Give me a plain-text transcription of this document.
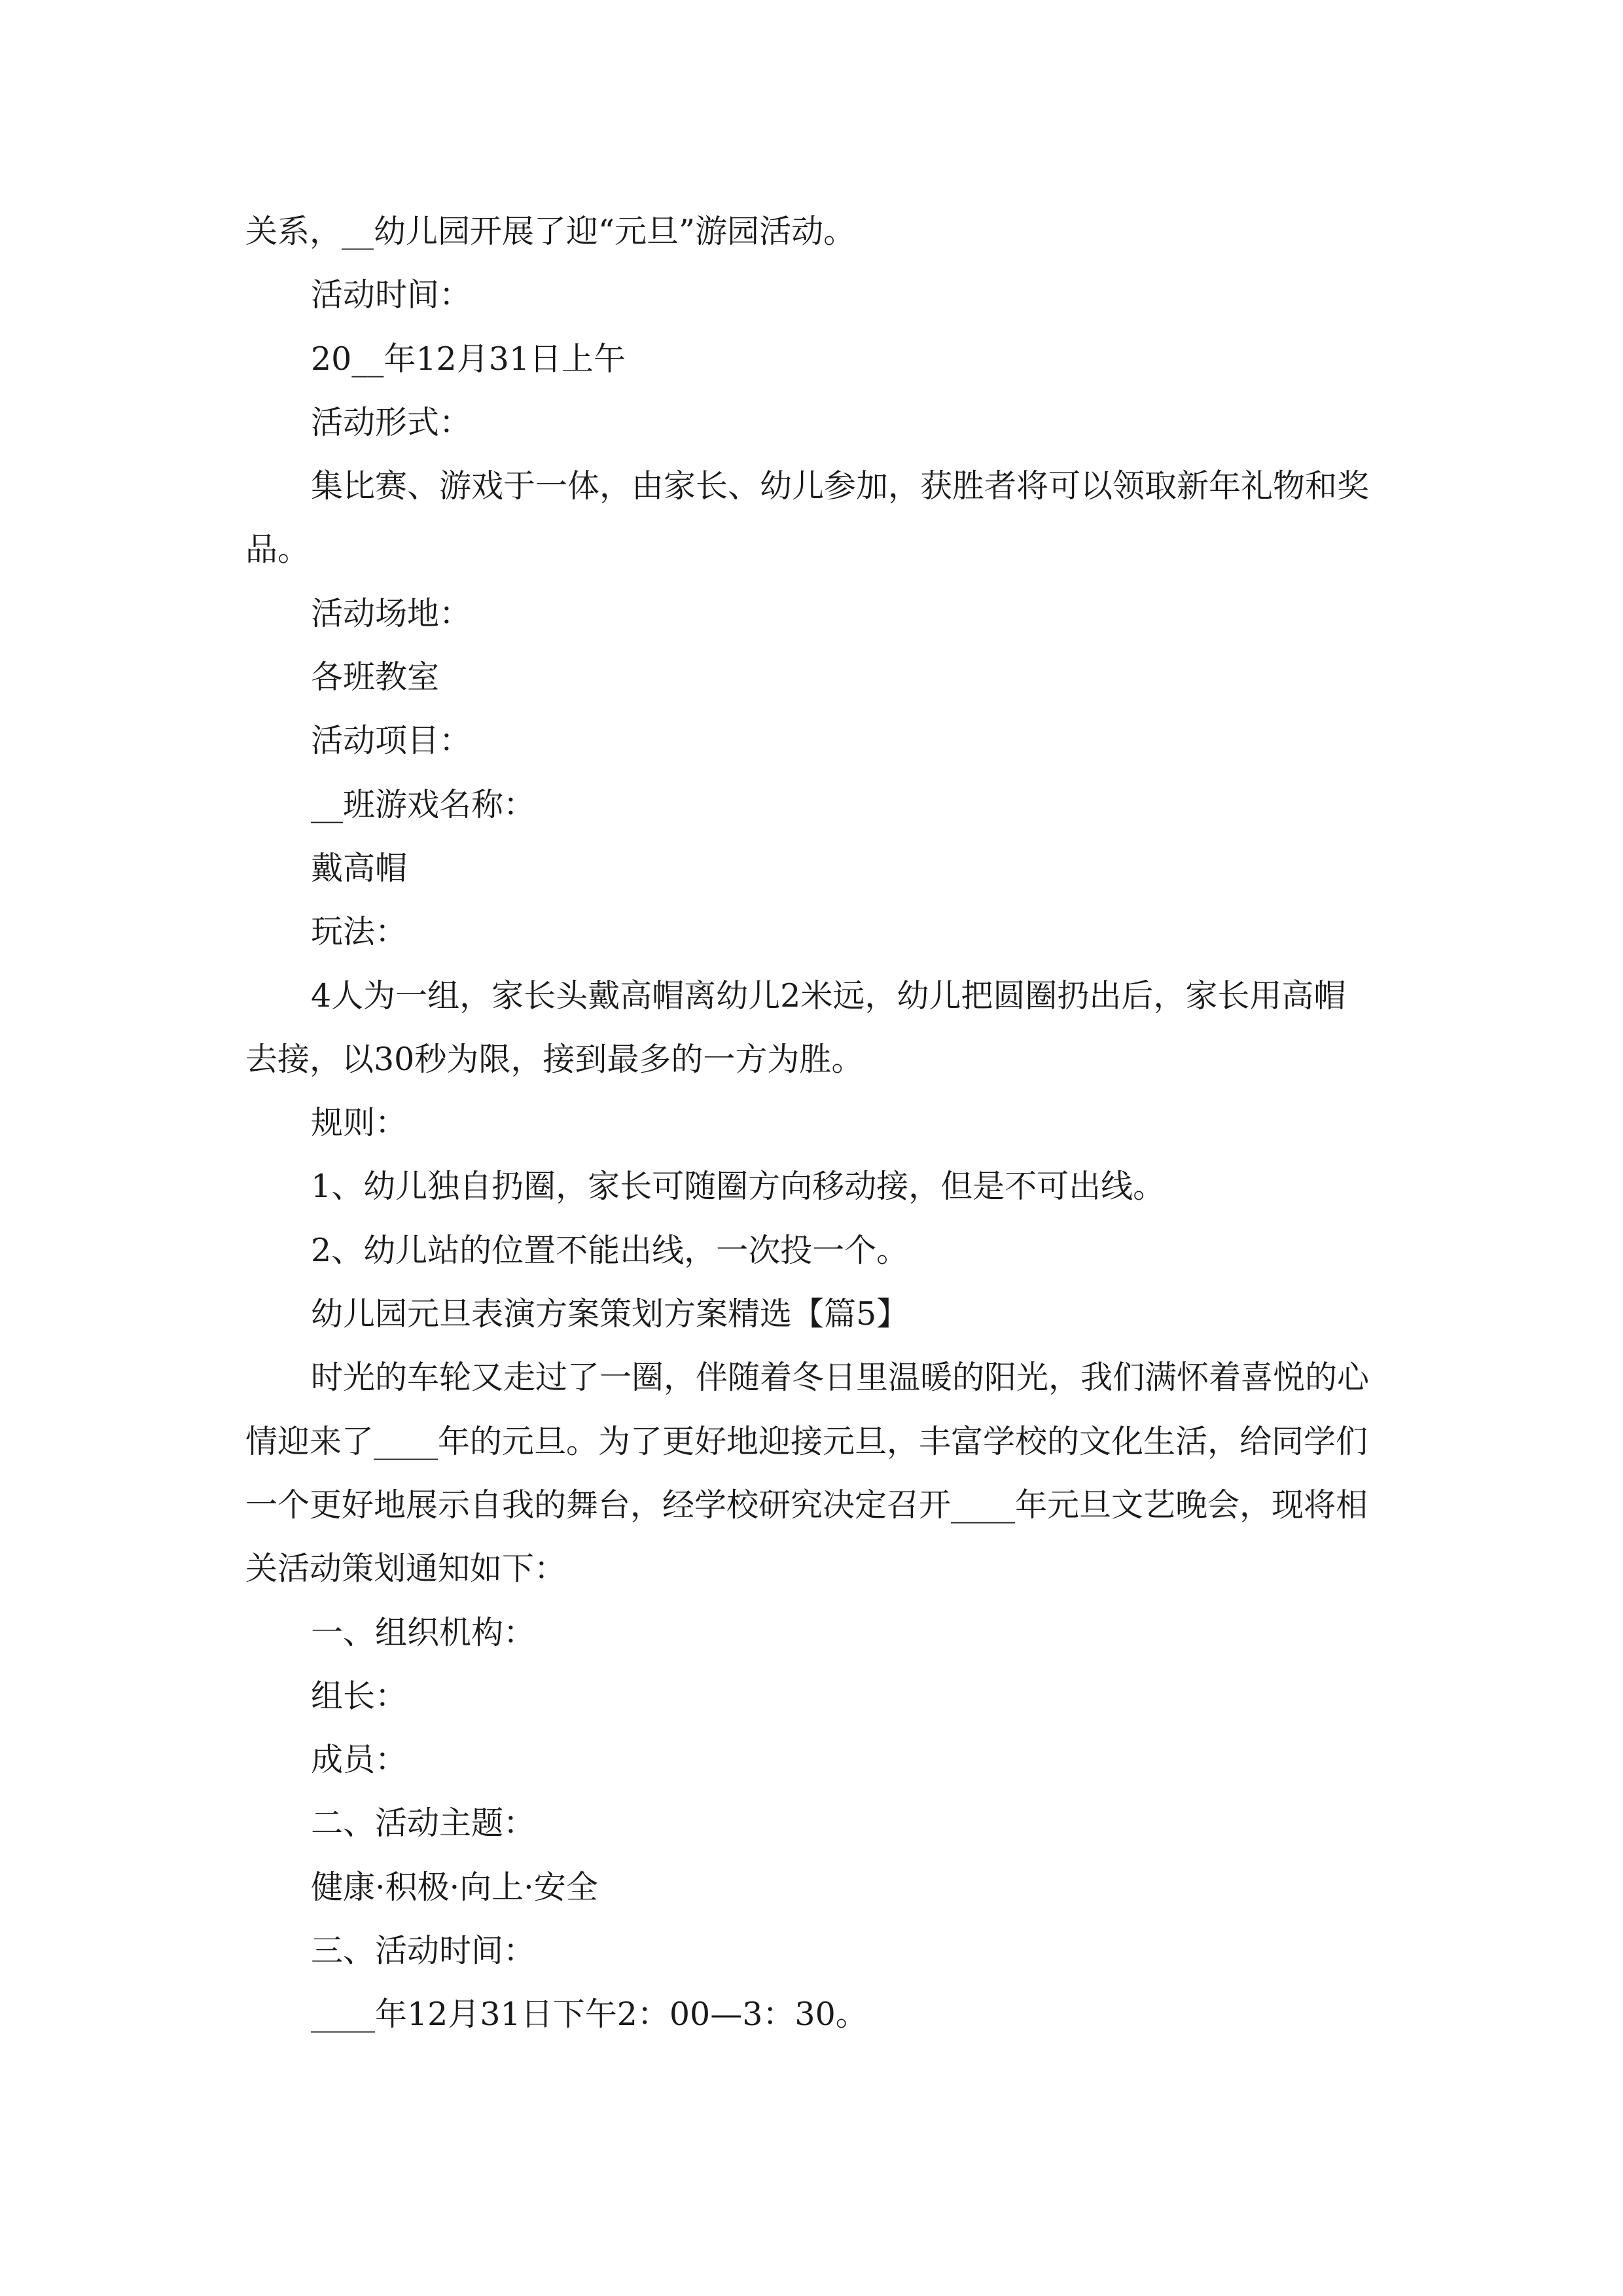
关系，__幼儿园开展了迎“元旦”游园活动。

活动时间：

20__年12月31日上午

活动形式：

集比赛、游戏于一体，由家长、幼儿参加，获胜者将可以领取新年礼物和奖品。

活动场地：

各班教室

活动项目：

__班游戏名称：

戴高帽

玩法：

4人为一组，家长头戴高帽离幼儿2米远，幼儿把圆圈扔出后，家长用高帽去接，以30秒为限，接到最多的一方为胜。

规则：

1、幼儿独自扔圈，家长可随圈方向移动接，但是不可出线。

2、幼儿站的位置不能出线，一次投一个。

幼儿园元旦表演方案策划方案精选【篇5】

时光的车轮又走过了一圈，伴随着冬日里温暖的阳光，我们满怀着喜悦的心情迎来了____年的元旦。为了更好地迎接元旦，丰富学校的文化生活，给同学们一个更好地展示自我的舞台，经学校研究决定召开____年元旦文艺晚会，现将相关活动策划通知如下：

一、组织机构：

组长：

成员：

二、活动主题：

健康·积极·向上·安全

三、活动时间：

____年12月31日下午2：00—3：30。
